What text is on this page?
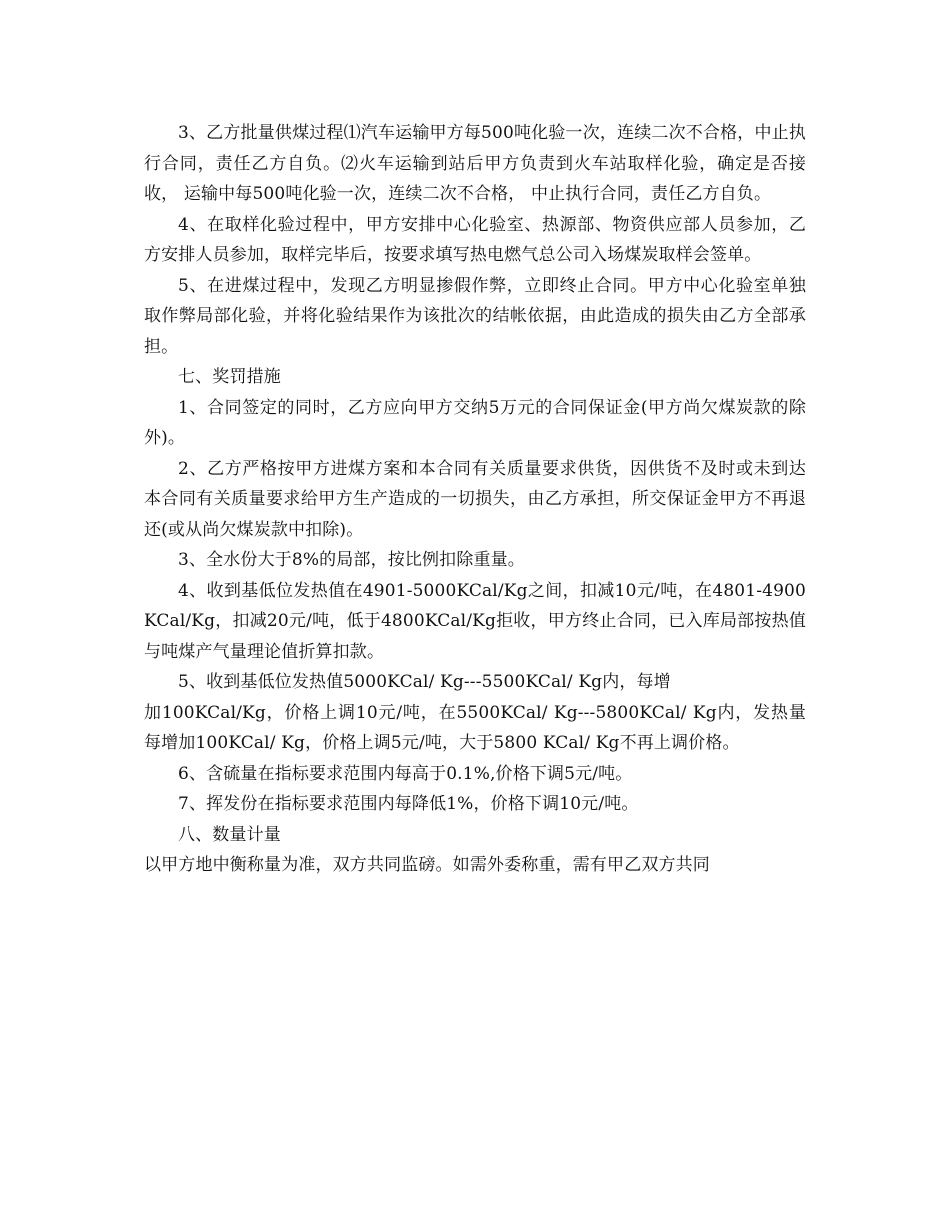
3、乙方批量供煤过程⑴汽车运输甲方每500吨化验一次，连续二次不合格，中止执行合同，责任乙方自负。⑵火车运输到站后甲方负责到火车站取样化验，确定是否接收， 运输中每500吨化验一次，连续二次不合格， 中止执行合同，责任乙方自负。

4、在取样化验过程中，甲方安排中心化验室、热源部、物资供应部人员参加，乙方安排人员参加，取样完毕后，按要求填写热电燃气总公司入场煤炭取样会签单。

5、在进煤过程中，发现乙方明显掺假作弊，立即终止合同。甲方中心化验室单独取作弊局部化验，并将化验结果作为该批次的结帐依据，由此造成的损失由乙方全部承担。

七、奖罚措施

1、合同签定的同时，乙方应向甲方交纳5万元的合同保证金(甲方尚欠煤炭款的除外)。

2、乙方严格按甲方进煤方案和本合同有关质量要求供货，因供货不及时或未到达本合同有关质量要求给甲方生产造成的一切损失，由乙方承担，所交保证金甲方不再退还(或从尚欠煤炭款中扣除)。

3、全水份大于8%的局部，按比例扣除重量。

4、收到基低位发热值在4901-5000KCal/Kg之间，扣减10元/吨，在4801-4900KCal/Kg，扣减20元/吨，低于4800KCal/Kg拒收，甲方终止合同，已入库局部按热值与吨煤产气量理论值折算扣款。

5、收到基低位发热值5000KCal/ Kg---5500KCal/ Kg内，每增

加100KCal/Kg，价格上调10元/吨，在5500KCal/ Kg---5800KCal/ Kg内，发热量每增加100KCal/ Kg，价格上调5元/吨，大于5800 KCal/ Kg不再上调价格。

6、含硫量在指标要求范围内每高于0.1%,价格下调5元/吨。

7、挥发份在指标要求范围内每降低1%，价格下调10元/吨。

八、数量计量

以甲方地中衡称量为准，双方共同监磅。如需外委称重，需有甲乙双方共同
